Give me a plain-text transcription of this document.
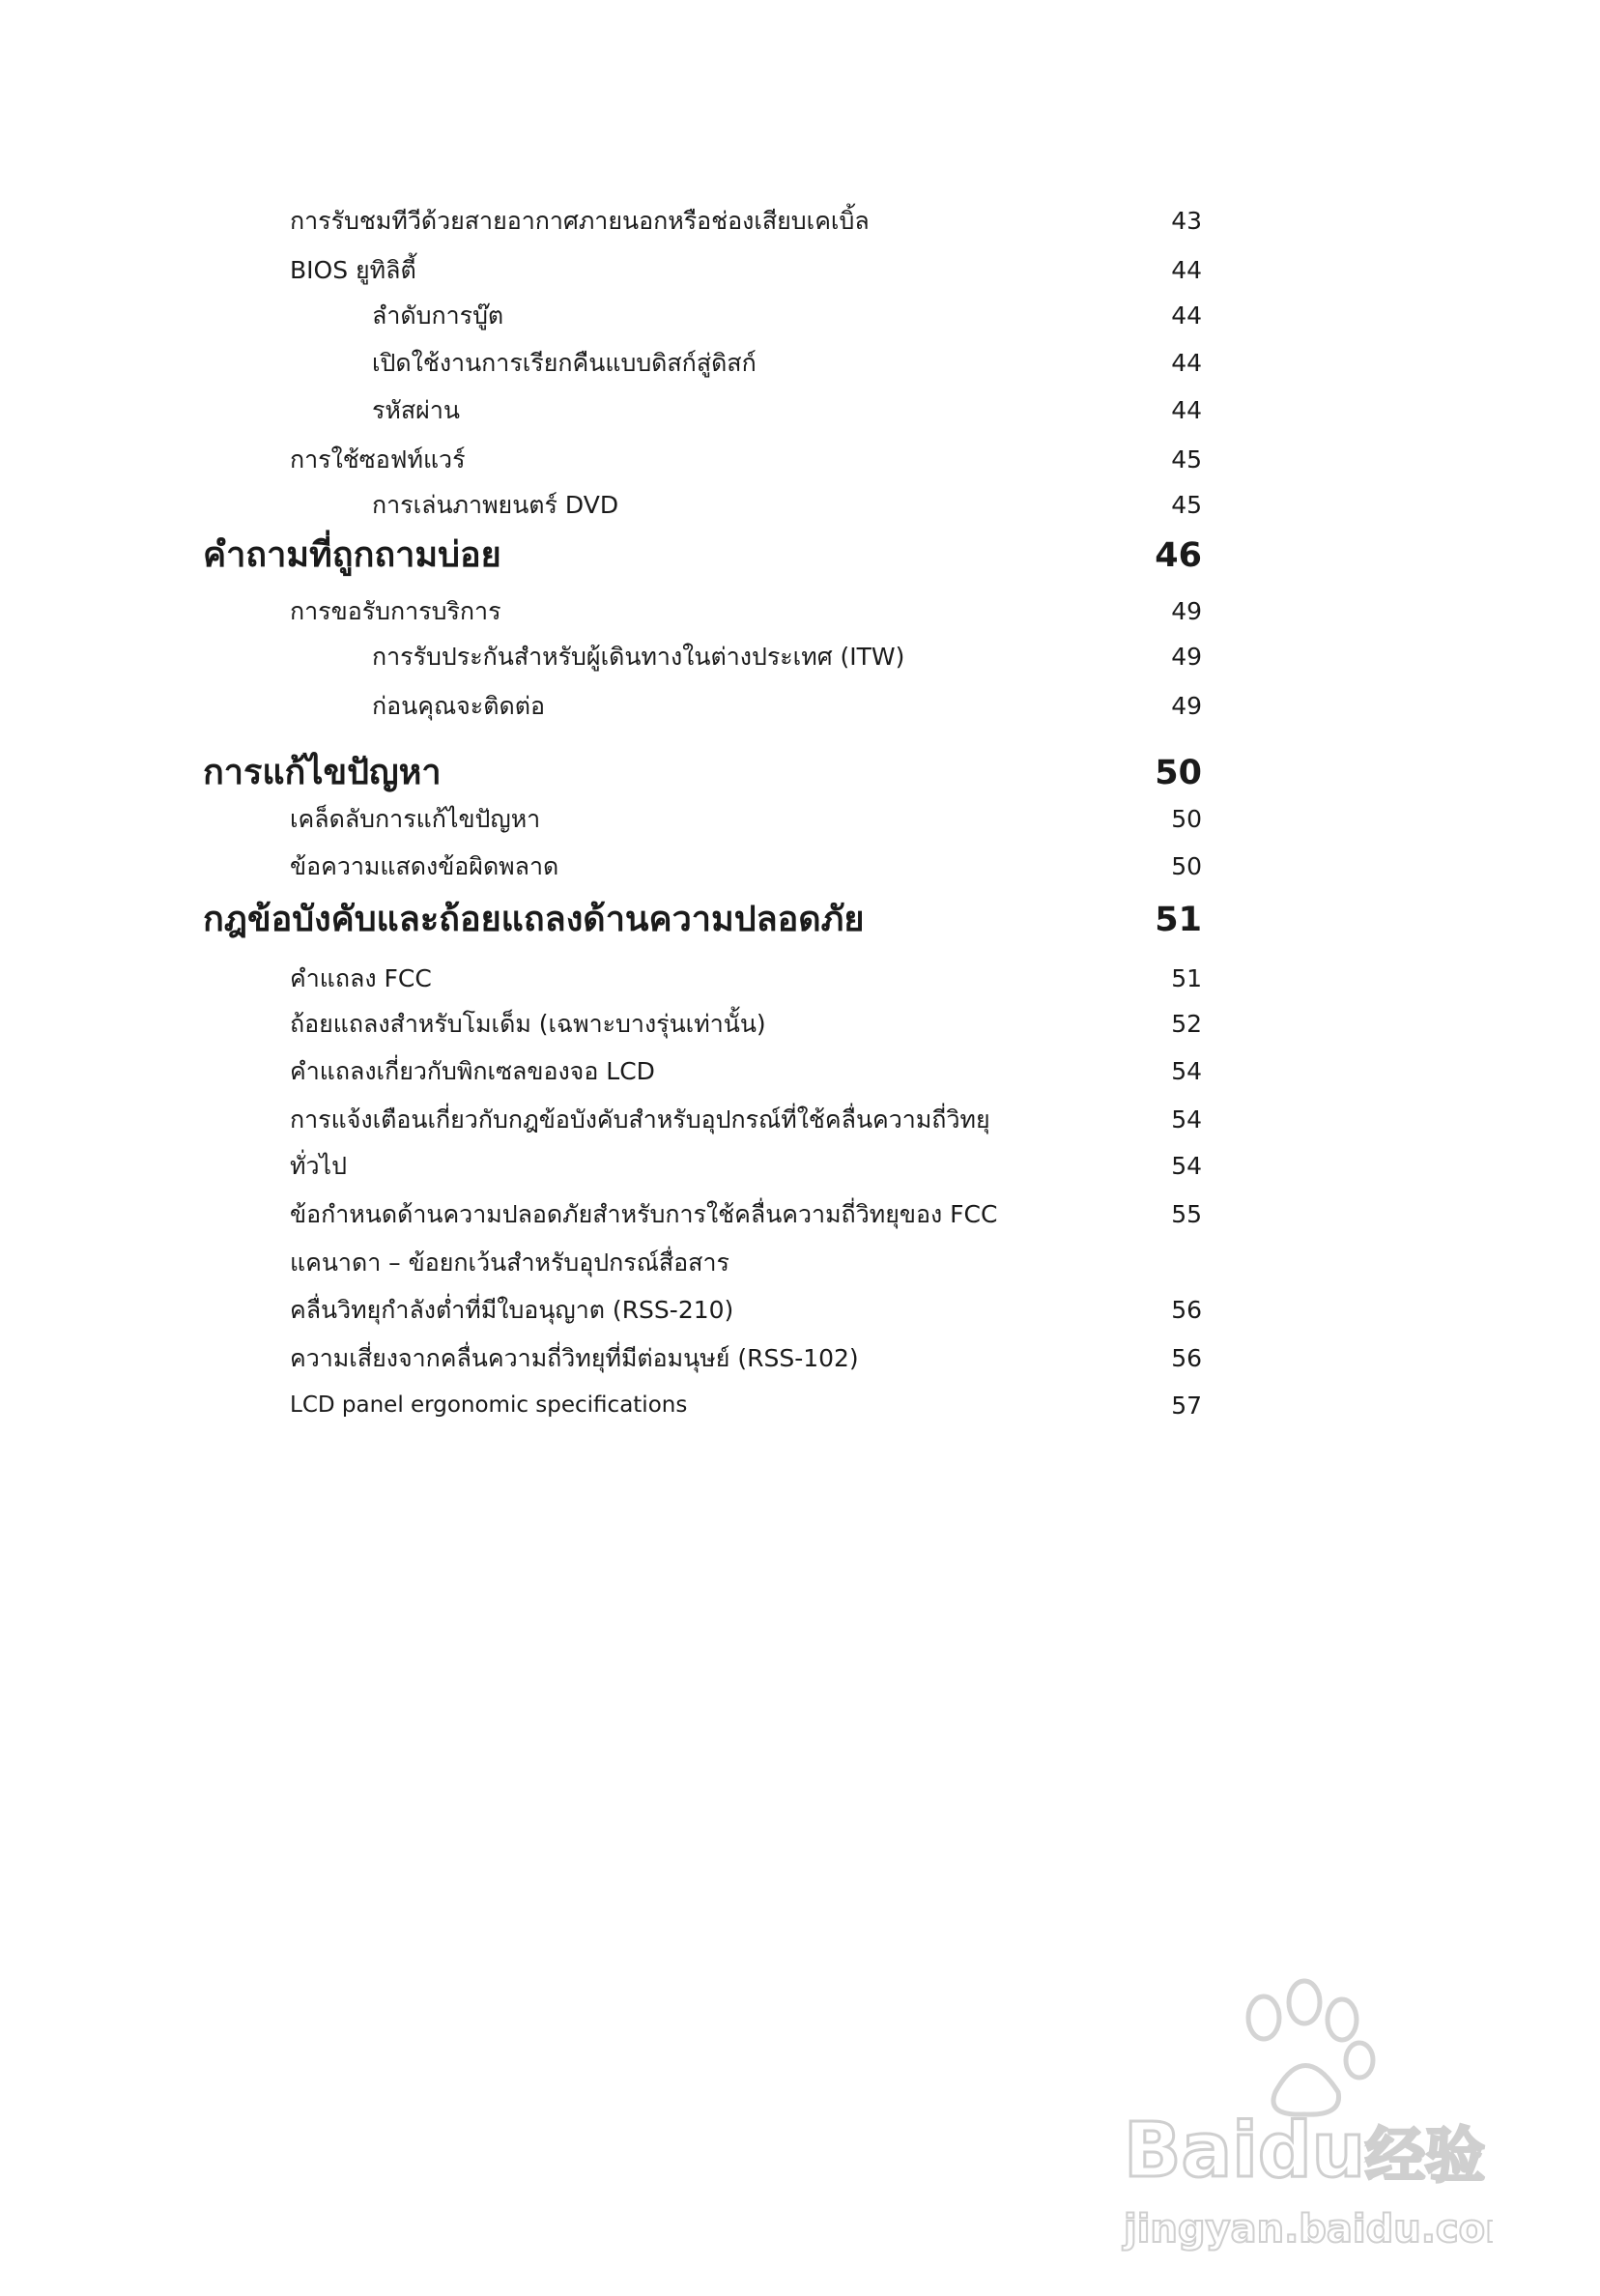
การรับชมทีวีด้วยสายอากาศภายนอกหรือช่องเสียบเคเบิ้ล	43
BIOS ยูทิลิตี้	44
ลำดับการบู๊ต	44
เปิดใช้งานการเรียกคืนแบบดิสก์สู่ดิสก์	44
รหัสผ่าน	44
การใช้ซอฟท์แวร์	45
การเล่นภาพยนตร์ DVD	45
คำถามที่ถูกถามบ่อย	46
การขอรับการบริการ	49
การรับประกันสำหรับผู้เดินทางในต่างประเทศ (ITW)	49
ก่อนคุณจะติดต่อ	49
การแก้ไขปัญหา	50
เคล็ดลับการแก้ไขปัญหา	50
ข้อความแสดงข้อผิดพลาด	50
กฎข้อบังคับและถ้อยแถลงด้านความปลอดภัย	51
คำแถลง FCC	51
ถ้อยแถลงสำหรับโมเด็ม (เฉพาะบางรุ่นเท่านั้น)	52
คำแถลงเกี่ยวกับพิกเซลของจอ LCD	54
การแจ้งเตือนเกี่ยวกับกฎข้อบังคับสำหรับอุปกรณ์ที่ใช้คลื่นความถี่วิทยุ	54
ทั่วไป	54
ข้อกำหนดด้านความปลอดภัยสำหรับการใช้คลื่นความถี่วิทยุของ FCC	55
แคนาดา – ข้อยกเว้นสำหรับอุปกรณ์สื่อสาร
คลื่นวิทยุกำลังต่ำที่มีใบอนุญาต (RSS-210)	56
ความเสี่ยงจากคลื่นความถี่วิทยุที่มีต่อมนุษย์ (RSS-102)	56
LCD panel ergonomic specifications	57
Baidu 经验
jingyan.baidu.com
